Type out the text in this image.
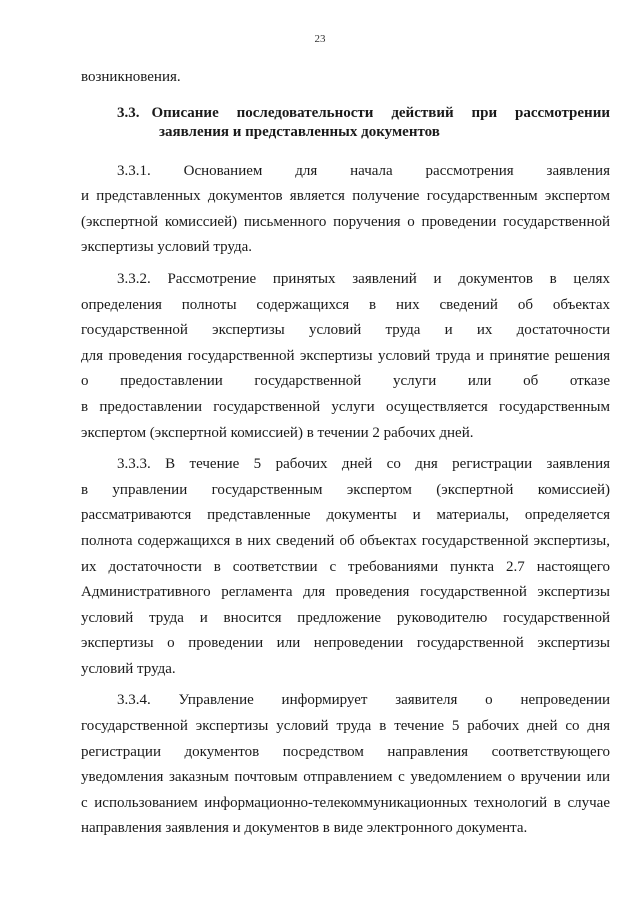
23
возникновения.
3.3. Описание последовательности действий при рассмотрении
заявления и представленных документов
3.3.1. Основанием для начала рассмотрения заявления
и представленных документов является получение государственным экспертом
(экспертной комиссией) письменного поручения о проведении государственной
экспертизы условий труда.
3.3.2. Рассмотрение принятых заявлений и документов в целях
определения полноты содержащихся в них сведений об объектах
государственной экспертизы условий труда и их достаточности
для проведения государственной экспертизы условий труда и принятие решения
о предоставлении государственной услуги или об отказе
в предоставлении государственной услуги осуществляется государственным
экспертом (экспертной комиссией) в течении 2 рабочих дней.
3.3.3. В течение 5 рабочих дней со дня регистрации заявления
в управлении государственным экспертом (экспертной комиссией)
рассматриваются представленные документы и материалы, определяется
полнота содержащихся в них сведений об объектах государственной экспертизы,
их достаточности в соответствии с требованиями пункта 2.7 настоящего
Административного регламента для проведения государственной экспертизы
условий труда и вносится предложение руководителю государственной
экспертизы о проведении или непроведении государственной экспертизы
условий труда.
3.3.4. Управление информирует заявителя о непроведении
государственной экспертизы условий труда в течение 5 рабочих дней со дня
регистрации документов посредством направления соответствующего
уведомления заказным почтовым отправлением с уведомлением о вручении или
с использованием информационно-телекоммуникационных технологий в случае
направления заявления и документов в виде электронного документа.
